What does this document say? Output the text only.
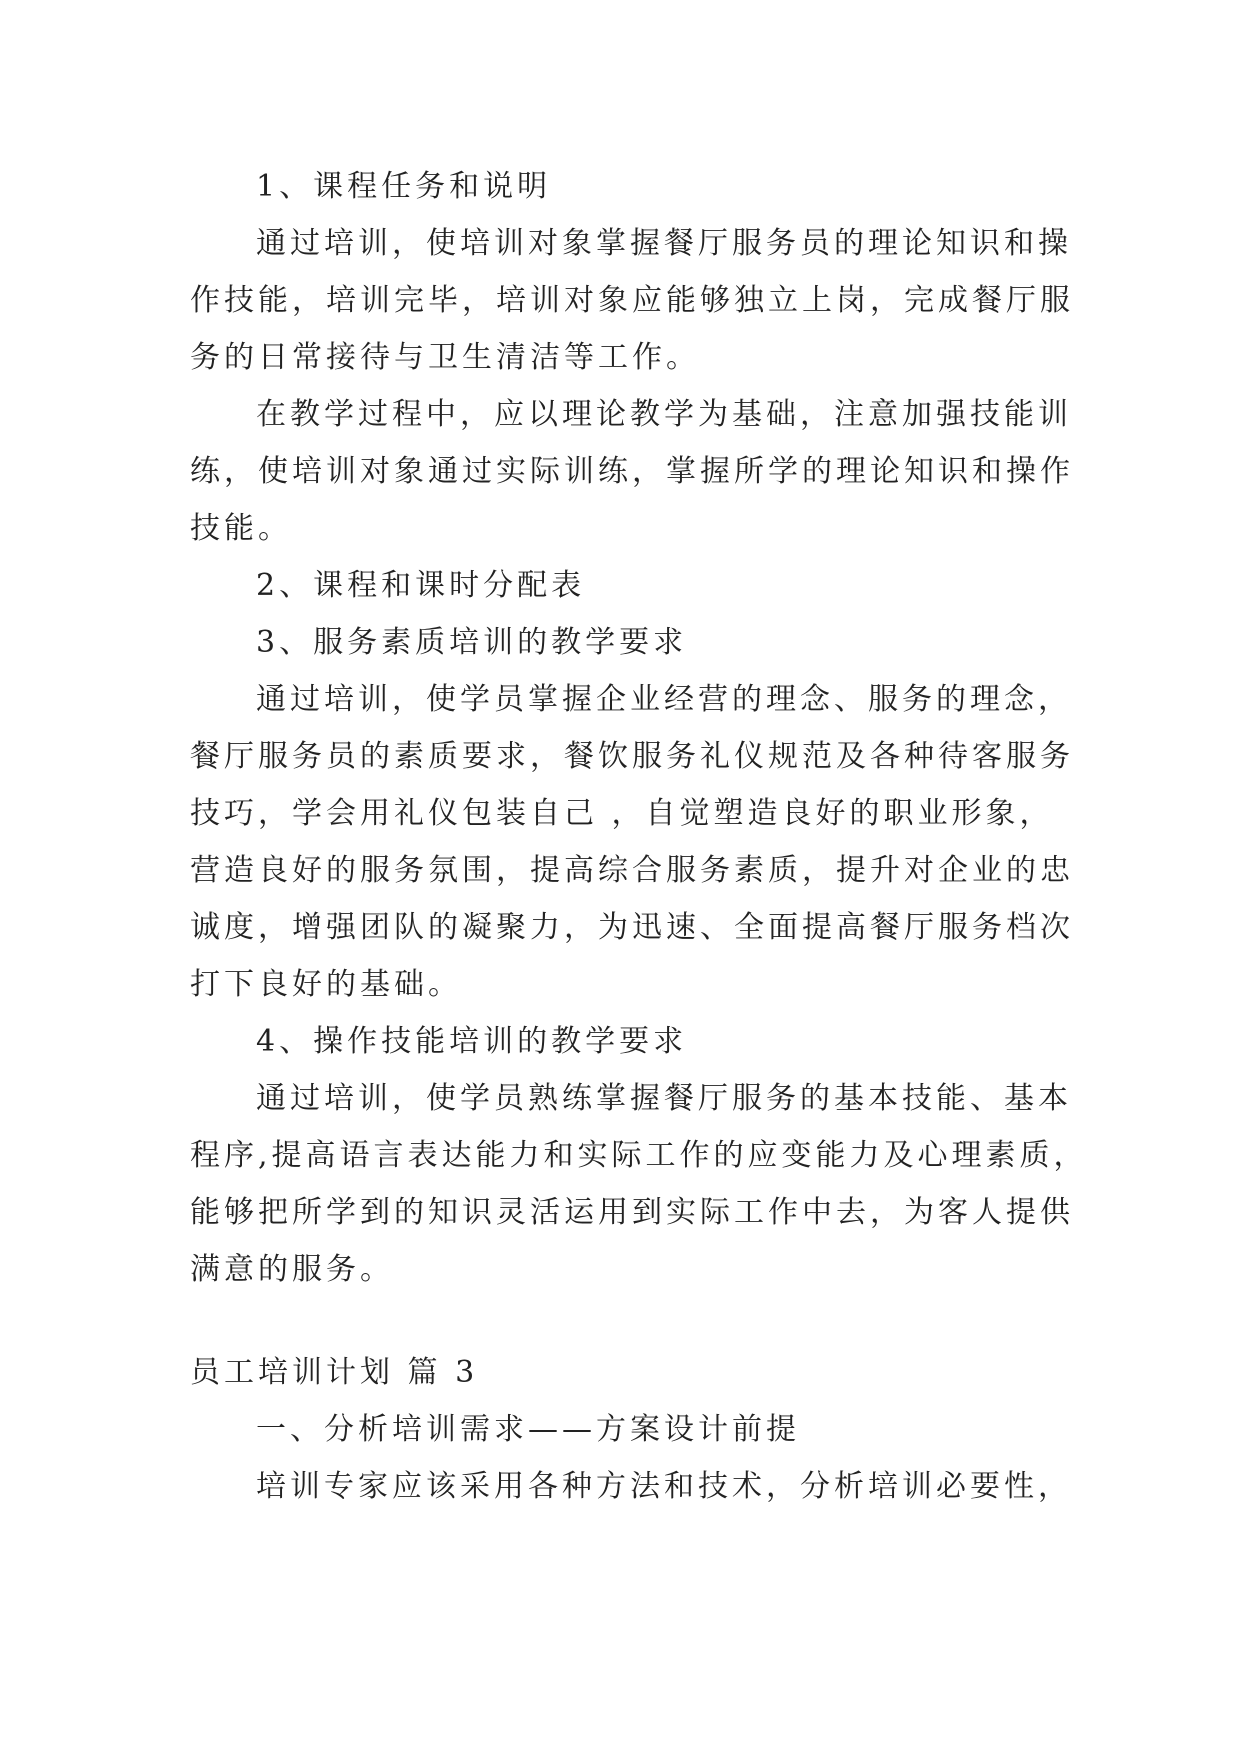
1、课程任务和说明

通过培训，使培训对象掌握餐厅服务员的理论知识和操

作技能，培训完毕，培训对象应能够独立上岗，完成餐厅服

务的日常接待与卫生清洁等工作。

在教学过程中，应以理论教学为基础，注意加强技能训

练，使培训对象通过实际训练，掌握所学的理论知识和操作

技能。

2、课程和课时分配表

3、服务素质培训的教学要求

通过培训，使学员掌握企业经营的理念、服务的理念，

餐厅服务员的素质要求，餐饮服务礼仪规范及各种待客服务

技巧，学会用礼仪包装自己 ，自觉塑造良好的职业形象，

营造良好的服务氛围，提高综合服务素质，提升对企业的忠

诚度，增强团队的凝聚力，为迅速、全面提高餐厅服务档次

打下良好的基础。

4、操作技能培训的教学要求

通过培训，使学员熟练掌握餐厅服务的基本技能、基本

程序,提高语言表达能力和实际工作的应变能力及心理素质，

能够把所学到的知识灵活运用到实际工作中去，为客人提供

满意的服务。

员工培训计划 篇 3

一、分析培训需求——方案设计前提

培训专家应该采用各种方法和技术，分析培训必要性，
